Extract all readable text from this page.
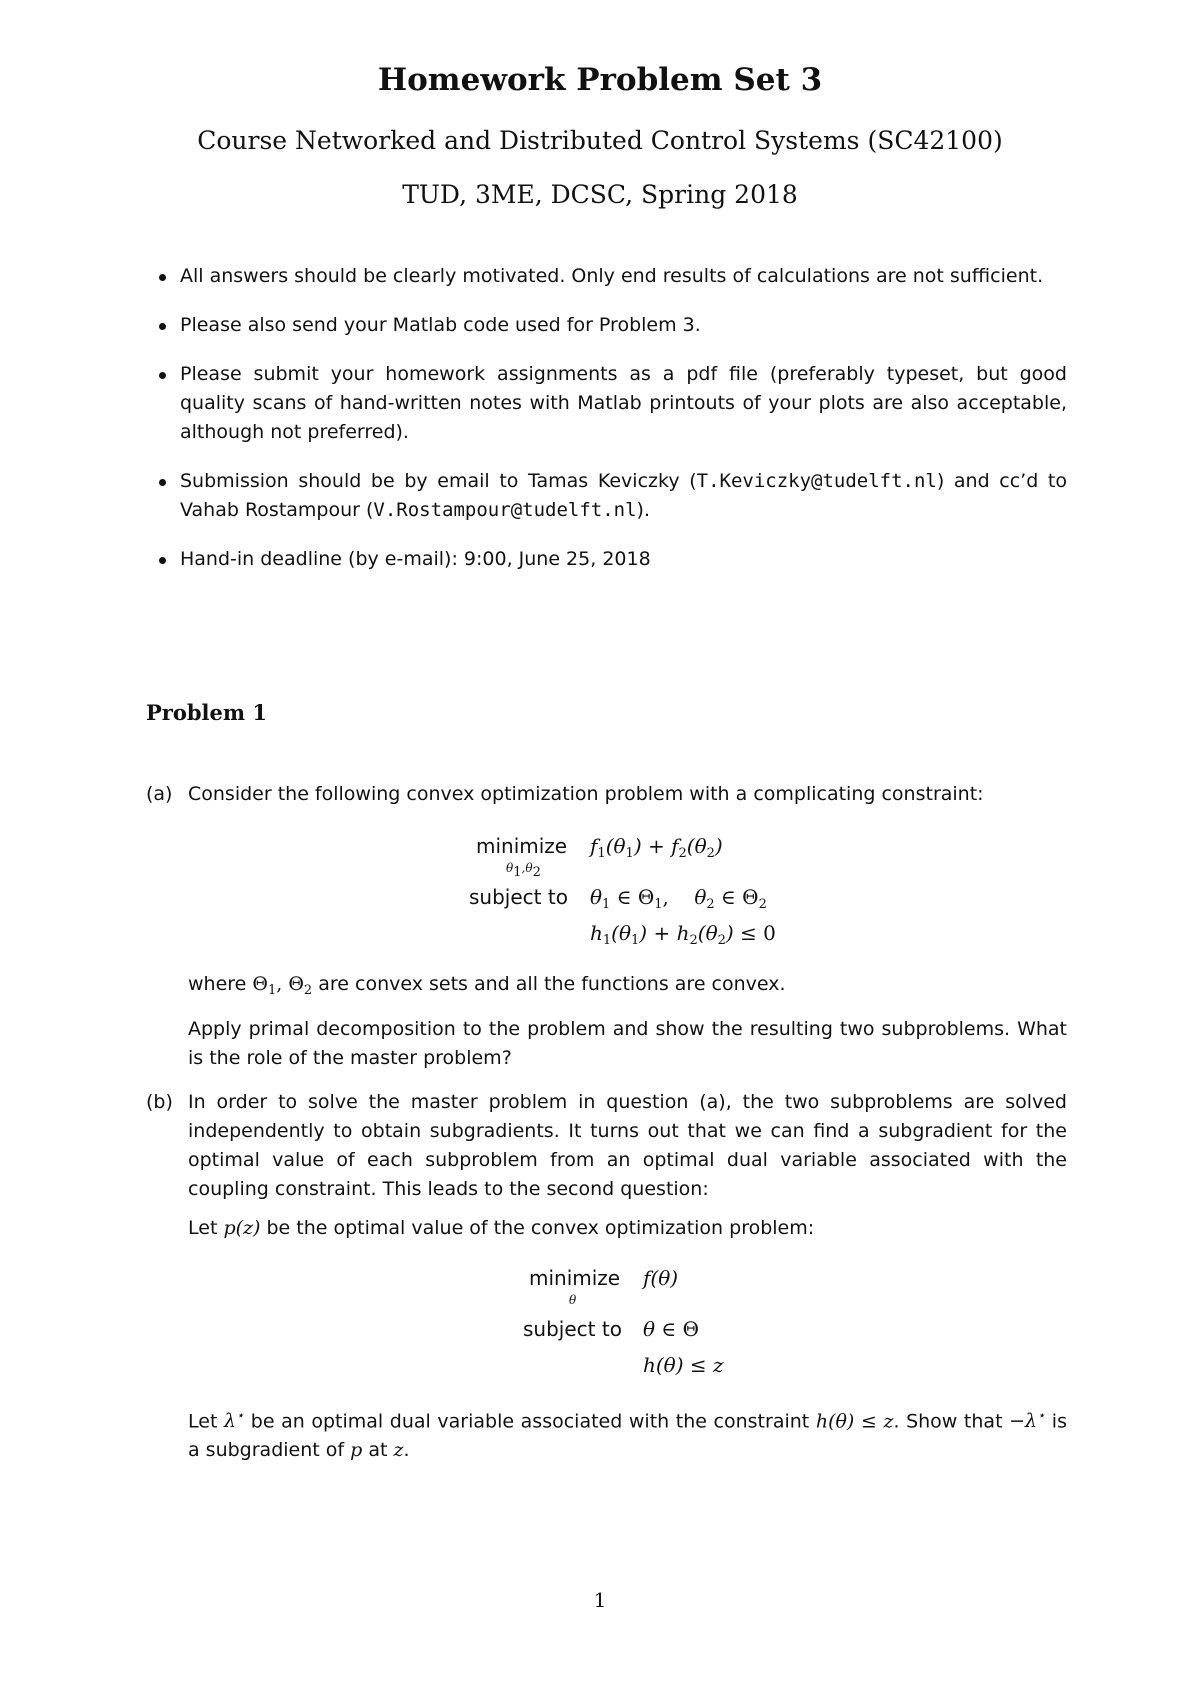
Homework Problem Set 3
Course Networked and Distributed Control Systems (SC42100)
TUD, 3ME, DCSC, Spring 2018
All answers should be clearly motivated. Only end results of calculations are not sufficient.
Please also send your Matlab code used for Problem 3.
Please submit your homework assignments as a pdf file (preferably typeset, but good quality scans of hand-written notes with Matlab printouts of your plots are also acceptable, although not preferred).
Submission should be by email to Tamas Keviczky (T.Keviczky@tudelft.nl) and cc’d to Vahab Rostampour (V.Rostampour@tudelft.nl).
Hand-in deadline (by e-mail): 9:00, June 25, 2018
Problem 1
(a) Consider the following convex optimization problem with a complicating constraint:
minimize
$\theta_1,\theta_2$
$f_1(\theta_1) + f_2(\theta_2)$
subject to $\theta_1$ ∈ $\Theta_1$,    $\theta_2$ ∈ $\Theta_2$
$h_1(\theta_1) + h_2(\theta_2) \le 0$

where $\Theta_1$, $\Theta_2$ are convex sets and all the functions are convex.

Apply primal decomposition to the problem and show the resulting two subproblems. What is the role of the master problem?

(b) In order to solve the master problem in question (a), the two subproblems are solved independently to obtain subgradients. It turns out that we can find a subgradient for the optimal value of each subproblem from an optimal dual variable associated with the coupling constraint. This leads to the second question:

Let p(z) be the optimal value of the convex optimization problem:

minimize
θ
f(θ)
subject to θ ∈ Θ
h(θ) ≤ z

Let λ⋆ be an optimal dual variable associated with the constraint h(θ) ≤ z. Show that −λ⋆ is a subgradient of p at z.

1
